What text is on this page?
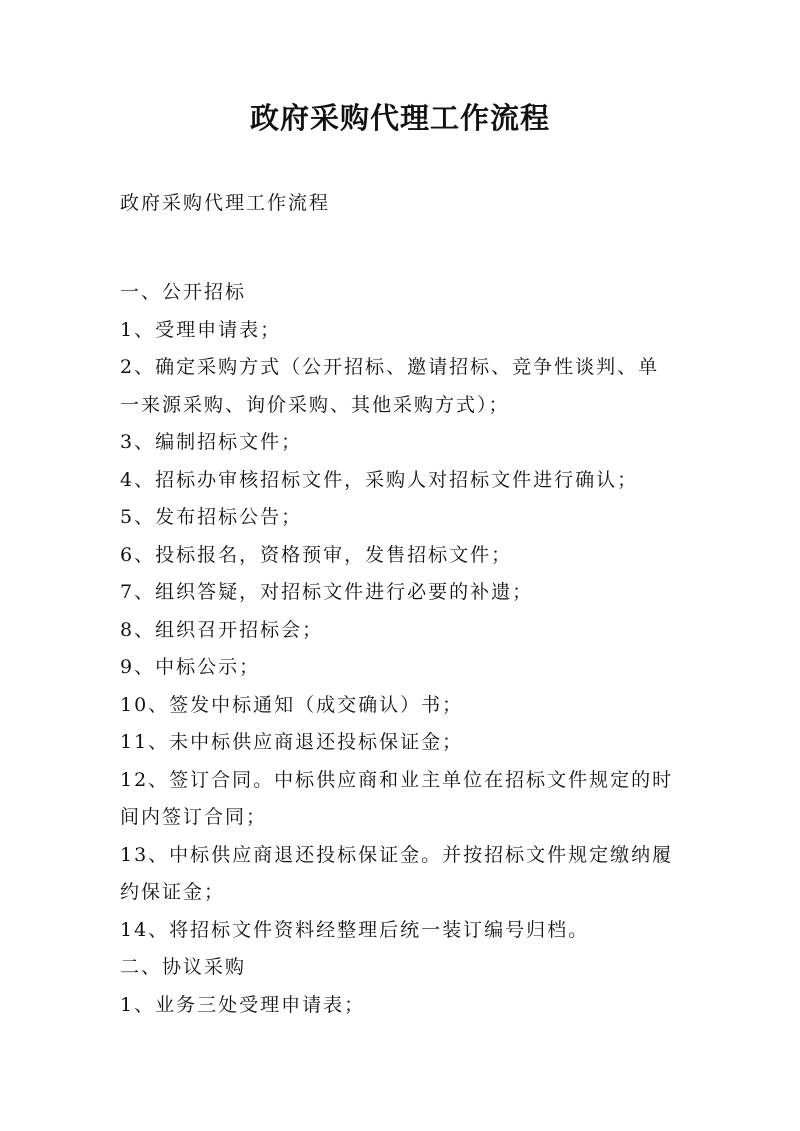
政府采购代理工作流程
政府采购代理工作流程
一、公开招标
1、受理申请表；
2、确定采购方式（公开招标、邀请招标、竞争性谈判、单
一来源采购、询价采购、其他采购方式）；
3、编制招标文件；
4、招标办审核招标文件，采购人对招标文件进行确认；
5、发布招标公告；
6、投标报名，资格预审，发售招标文件；
7、组织答疑，对招标文件进行必要的补遗；
8、组织召开招标会；
9、中标公示；
10、签发中标通知（成交确认）书；
11、未中标供应商退还投标保证金；
12、签订合同。中标供应商和业主单位在招标文件规定的时
间内签订合同；
13、中标供应商退还投标保证金。并按招标文件规定缴纳履
约保证金；
14、将招标文件资料经整理后统一装订编号归档。
二、协议采购
1、业务三处受理申请表；
